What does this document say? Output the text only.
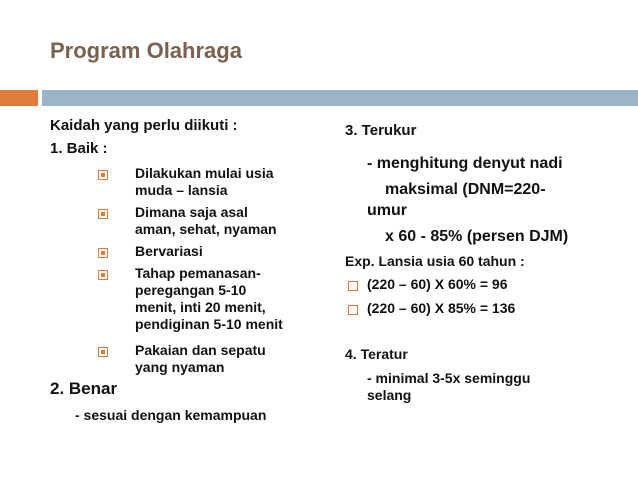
Program Olahraga
Kaidah yang perlu diikuti :
1. Baik :
Dilakukan mulai usia
muda – lansia
Dimana saja asal
aman, sehat, nyaman
Bervariasi
Tahap pemanasan-
peregangan 5-10
menit, inti 20 menit,
pendiginan 5-10 menit
Pakaian dan sepatu
yang nyaman
2. Benar
- sesuai dengan kemampuan
3. Terukur
- menghitung denyut nadi
maksimal (DNM=220-
umur
x 60 - 85% (persen DJM)
Exp. Lansia usia 60 tahun :
(220 – 60) X 60% = 96
(220 – 60) X 85% = 136
4. Teratur
- minimal 3-5x seminggu
selang
